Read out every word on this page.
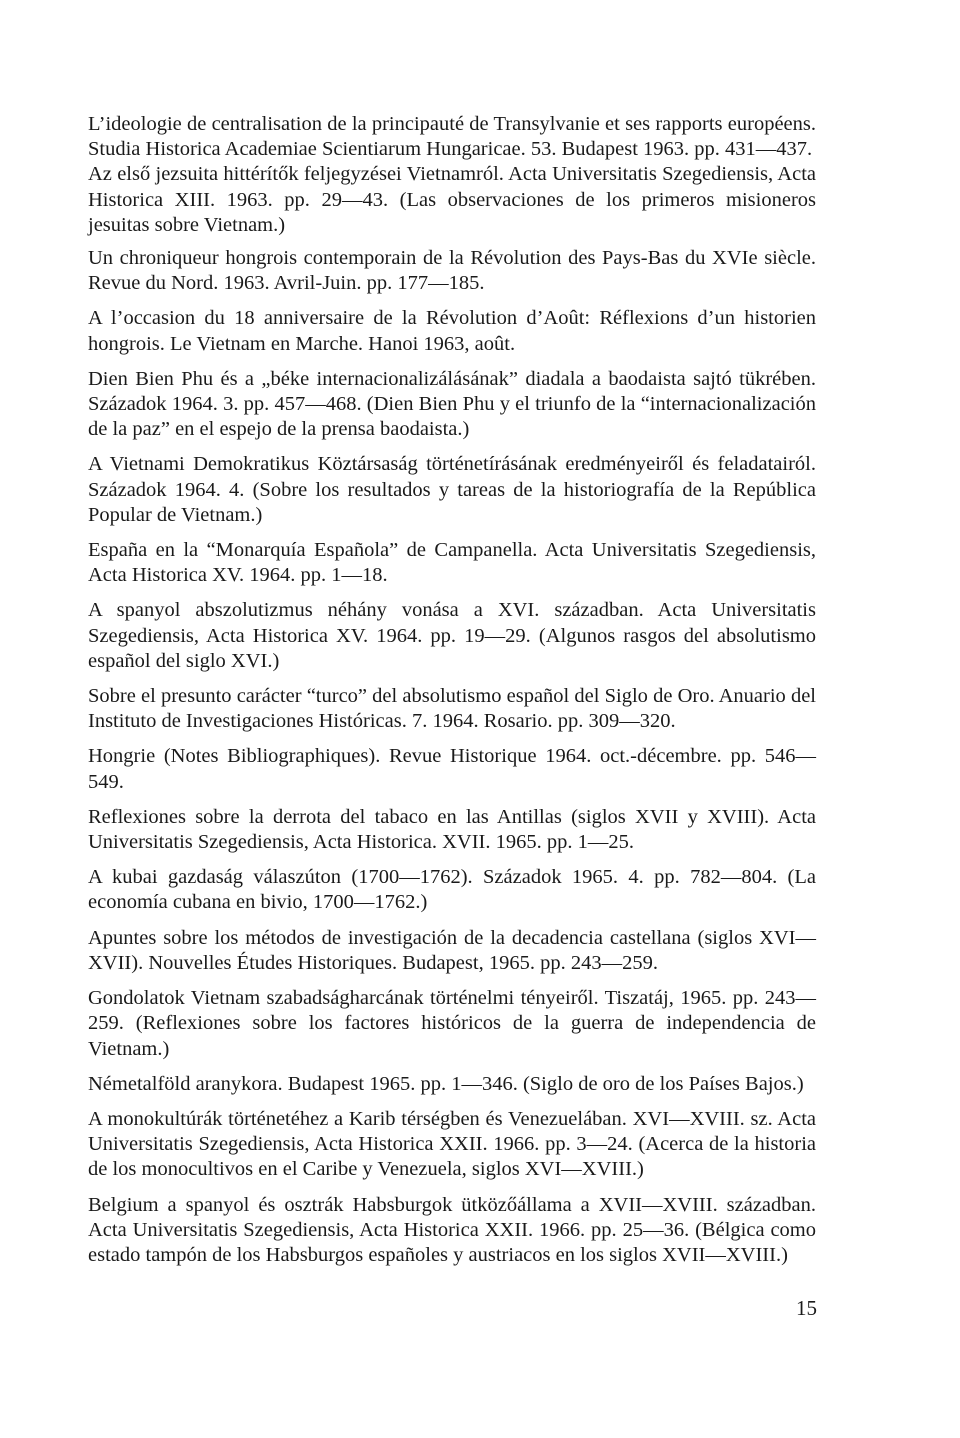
L’ideologie de centralisation de la principauté de Transylvanie et ses rapports européens. Studia Historica Academiae Scientiarum Hungaricae. 53. Budapest 1963. pp. 431—437.

Az első jezsuita hittérítők feljegyzései Vietnamról. Acta Universitatis Szegediensis, Acta Historica XIII. 1963. pp. 29—43. (Las observaciones de los primeros misioneros jesuitas sobre Vietnam.)

Un chroniqueur hongrois contemporain de la Révolution des Pays-Bas du XVIe siècle. Revue du Nord. 1963. Avril-Juin. pp. 177—185.

A l’occasion du 18 anniversaire de la Révolution d’Août: Réflexions d’un historien hongrois. Le Vietnam en Marche. Hanoi 1963, août.

Dien Bien Phu és a „béke internacionalizálásának” diadala a baodaista sajtó tükrében. Századok 1964. 3. pp. 457—468. (Dien Bien Phu y el triunfo de la “internacionalización de la paz” en el espejo de la prensa baodaista.)

A Vietnami Demokratikus Köztársaság történetírásának eredményeiről és feladatairól. Századok 1964. 4. (Sobre los resultados y tareas de la historiografía de la República Popular de Vietnam.)

España en la “Monarquía Española” de Campanella. Acta Universitatis Szegediensis, Acta Historica XV. 1964. pp. 1—18.

A spanyol abszolutizmus néhány vonása a XVI. században. Acta Universitatis Szegediensis, Acta Historica XV. 1964. pp. 19—29. (Algunos rasgos del absolutismo español del siglo XVI.)

Sobre el presunto carácter “turco” del absolutismo español del Siglo de Oro. Anuario del Instituto de Investigaciones Históricas. 7. 1964. Rosario. pp. 309—320.

Hongrie (Notes Bibliographiques). Revue Historique 1964. oct.-décembre. pp. 546—549.

Reflexiones sobre la derrota del tabaco en las Antillas (siglos XVII y XVIII). Acta Universitatis Szegediensis, Acta Historica. XVII. 1965. pp. 1—25.

A kubai gazdaság válaszúton (1700—1762). Századok 1965. 4. pp. 782—804. (La economía cubana en bivio, 1700—1762.)

Apuntes sobre los métodos de investigación de la decadencia castellana (siglos XVI—XVII). Nouvelles Études Historiques. Budapest, 1965. pp. 243—259.

Gondolatok Vietnam szabadságharcának történelmi tényeiről. Tiszatáj, 1965. pp. 243—259. (Reflexiones sobre los factores históricos de la guerra de independencia de Vietnam.)

Németalföld aranykora. Budapest 1965. pp. 1—346. (Siglo de oro de los Países Bajos.)

A monokultúrák történetéhez a Karib térségben és Venezuelában. XVI—XVIII. sz. Acta Universitatis Szegediensis, Acta Historica XXII. 1966. pp. 3—24. (Acerca de la historia de los monocultivos en el Caribe y Venezuela, siglos XVI—XVIII.)

Belgium a spanyol és osztrák Habsburgok ütközőállama a XVII—XVIII. században. Acta Universitatis Szegediensis, Acta Historica XXII. 1966. pp. 25—36. (Bélgica como estado tampón de los Habsburgos españoles y austriacos en los siglos XVII—XVIII.)

15
